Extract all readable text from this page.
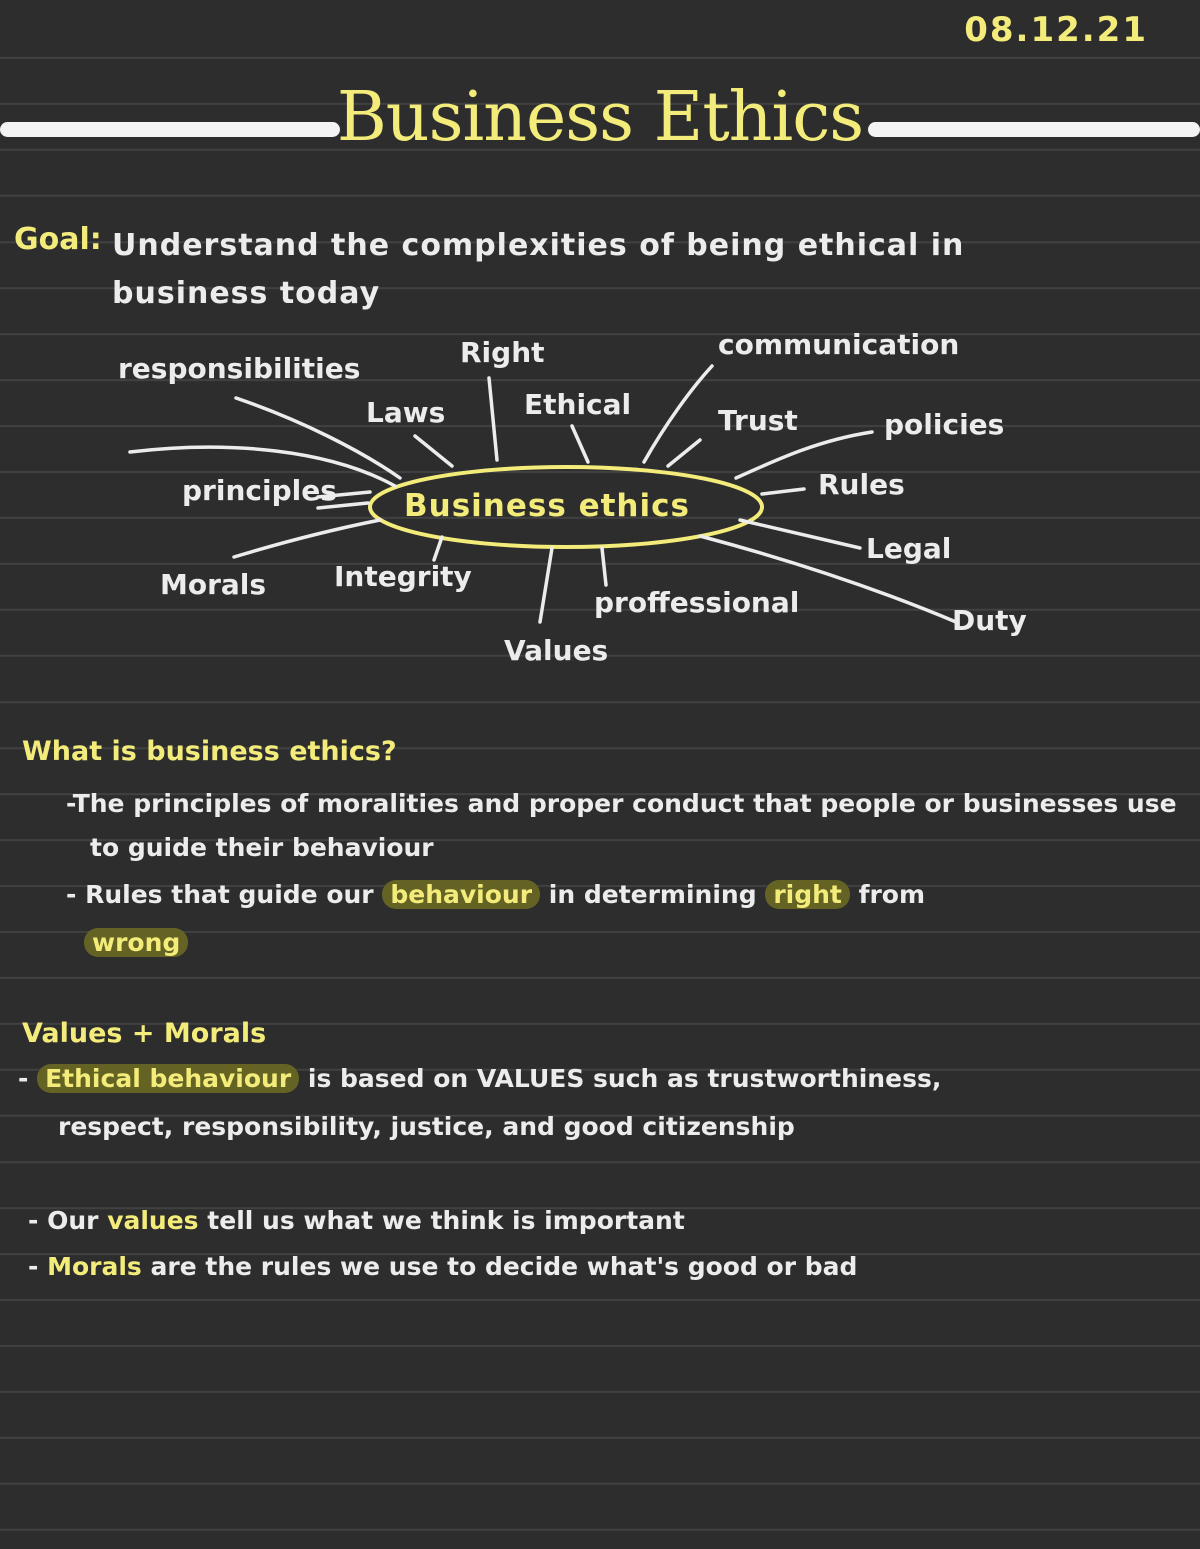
08.12.21
Business Ethics
Goal: Understand the complexities of being ethical in business today
Business ethics
responsibilities	Right	communication
Laws	Ethical	Trust	policies
principles	Rules
Legal
Morals Integrity
proffessional
Duty
Values
What is business ethics?
-The principles of moralities and proper conduct that people or businesses use to guide their behaviour
- Rules that guide our behaviour in determining right from
wrong
Values + Morals
- Ethical behaviour is based on VALUES such as trustworthiness,
respect, responsibility, justice, and good citizenship
- Our values tell us what we think is important
- Morals are the rules we use to decide what's good or bad
